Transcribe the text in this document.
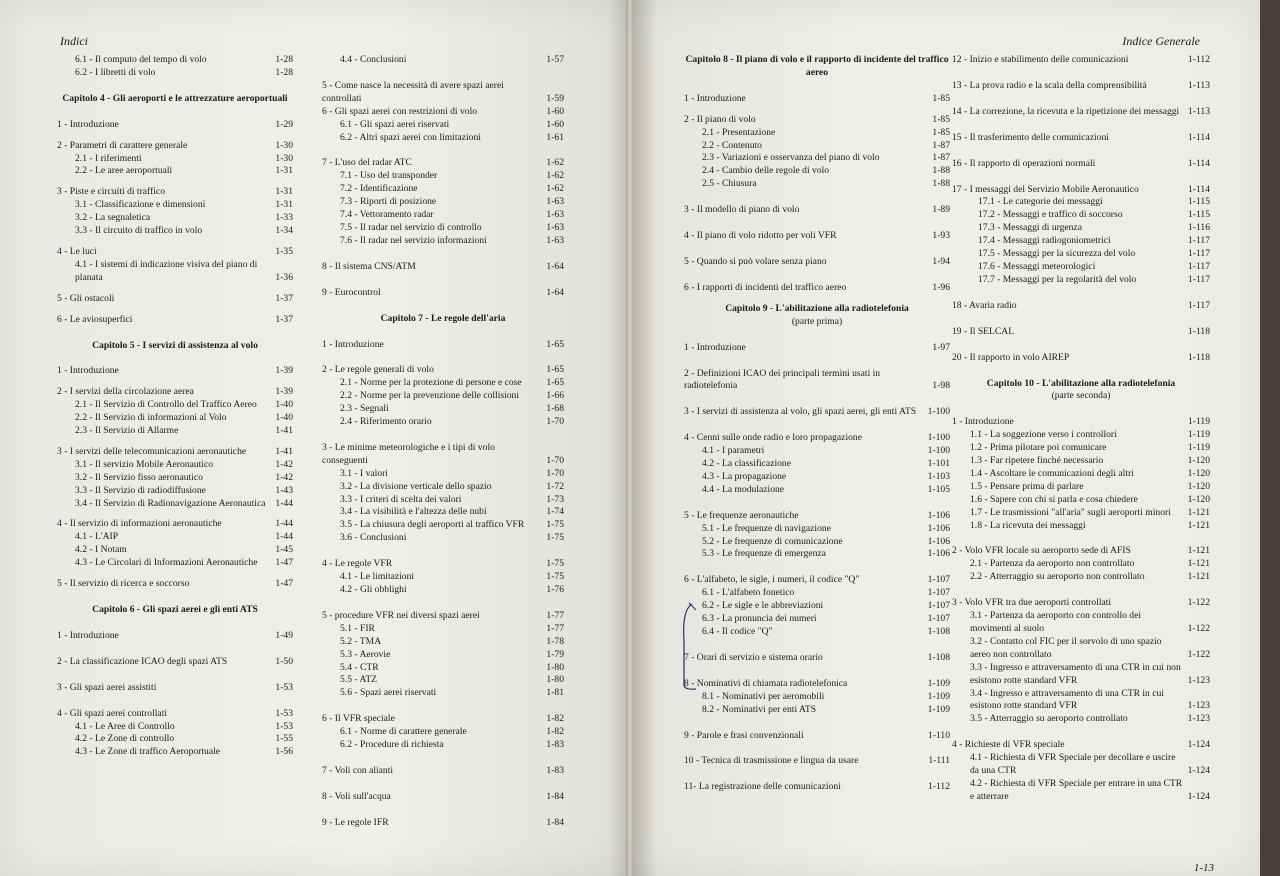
Indici
6.1 - Il computo del tempo di volo	1-28
6.2 - I libretti di volo	1-28
Capitolo 4 - Gli aeroporti e le attrezzature aeroportuali
1 - Introduzione	1-29
2 - Parametri di carattere generale	1-30
2.1 - I riferimenti	1-30
2.2 - Le aree aeroportuali	1-31
3 - Piste e circuiti di traffico	1-31
3.1 - Classificazione e dimensioni	1-31
3.2 - La segnaletica	1-33
3.3 - Il circuito di traffico in volo	1-34
4 - Le luci	1-35
4.1 - I sistemi di indicazione visiva del piano di planata	1-36
5 - Gli ostacoli	1-37
6 - Le aviosuperfici	1-37
Capitolo 5 - I servizi di assistenza al volo
1 - Introduzione	1-39
2 - I servizi della circolazione aerea	1-39
2.1 - Il Servizio di Controllo del Traffico Aereo	1-40
2.2 - Il Servizio di informazioni al Volo	1-40
2.3 - Il Servizio di Allarme	1-41
3 - I servizi delle telecomunicazioni aeronautiche	1-41
3.1 - Il servizio Mobile Aeronautico	1-42
3.2 - Il Servizio fisso aeronautico	1-42
3.3 - Il Servizio di radiodiffusione	1-43
3.4 - Il Servizio di Radionavigazione Aeronautica	1-44
4 - Il servizio di informazioni aeronautiche	1-44
4.1 - L'AIP	1-44
4.2 - I Notam	1-45
4.3 - Le Circolari di Informazioni Aeronautiche	1-47
5 - Il servizio di ricerca e soccorso	1-47
Capitolo 6 - Gli spazi aerei e gli enti ATS
1 - Introduzione	1-49
2 - La classificazione ICAO degli spazi ATS	1-50
3 - Gli spazi aerei assistiti	1-53
4 - Gli spazi aerei controllati	1-53
4.1 - Le Aree di Controllo	1-53
4.2 - Le Zone di controllo	1-55
4.3 - Le Zone di traffico Aeroportuale	1-56
4.4 - Conclusioni	1-57
5 - Come nasce la necessità di avere spazi aerei controllati	1-59
6 - Gli spazi aerei con restrizioni di volo	1-60
6.1 - Gli spazi aerei riservati	1-60
6.2 - Altri spazi aerei con limitazioni	1-61
7 - L'uso del radar ATC	1-62
7.1 - Uso del transponder	1-62
7.2 - Identificazione	1-62
7.3 - Riporti di posizione	1-63
7.4 - Vettoramento radar	1-63
7.5 - Il radar nel servizio di controllo	1-63
7.6 - Il radar nel servizio informazioni	1-63
8 - Il sistema CNS/ATM	1-64
9 - Eurocontrol	1-64
Capitolo 7 - Le regole dell'aria
1 - Introduzione	1-65
2 - Le regole generali di volo	1-65
2.1 - Norme per la protezione di persone e cose	1-65
2.2 - Norme per la prevenzione delle collisioni	1-66
2.3 - Segnali	1-68
2.4 - Riferimento orario	1-70
3 - Le minime meteorologiche e i tipi di volo conseguenti	1-70
3.1 - I valori	1-70
3.2 - La divisione verticale dello spazio	1-72
3.3 - I criteri di scelta dei valori	1-73
3.4 - La visibilità e l'altezza delle nubi	1-74
3.5 - La chiusura degli aeroporti al traffico VFR	1-75
3.6 - Conclusioni	1-75
4 - Le regole VFR	1-75
4.1 - Le limitazioni	1-75
4.2 - Gli obblighi	1-76
5 - procedure VFR nei diversi spazi aerei	1-77
5.1 - FIR	1-77
5.2 - TMA	1-78
5.3 - Aerovie	1-79
5.4 - CTR	1-80
5.5 - ATZ	1-80
5.6 - Spazi aerei riservati	1-81
6 - Il VFR speciale	1-82
6.1 - Norme di carattere generale	1-82
6.2 - Procedure di richiesta	1-83
7 - Voli con alianti	1-83
8 - Voli sull'acqua	1-84
9 - Le regole IFR	1-84
Indice Generale
Capitolo 8 - Il piano di volo e il rapporto di incidente del traffico aereo
1 - Introduzione	1-85
2 - Il piano di volo	1-85
2.1 - Presentazione	1-85
2.2 - Contenuto	1-87
2.3 - Variazioni e osservanza del piano di volo	1-87
2.4 - Cambio delle regole di volo	1-88
2.5 - Chiusura	1-88
3 - Il modello di piano di volo	1-89
4 - Il piano di volo ridotto per voli VFR	1-93
5 - Quando si può volare senza piano	1-94
6 - I rapporti di incidenti del traffico aereo	1-96
Capitolo 9 - L'abilitazione alla radiotelefonia
(parte prima)
1 - Introduzione	1-97
2 - Definizioni ICAO dei principali termini usati in radiotelefonia	1-98
3 - I servizi di assistenza al volo, gli spazi aerei, gli enti ATS	1-100
4 - Cenni sulle onde radio e loro propagazione	1-100
4.1 - I parametri	1-100
4.2 - La classificazione	1-101
4.3 - La propagazione	1-103
4.4 - La modulazione	1-105
5 - Le frequenze aeronautiche	1-106
5.1 - Le frequenze di navigazione	1-106
5.2 - Le frequenze di comunicazione	1-106
5.3 - Le frequenze di emergenza	1-106
6 - L'alfabeto, le sigle, i numeri, il codice "Q"	1-107
6.1 - L'alfabeto fonetico	1-107
6.2 - Le sigle e le abbreviazioni	1-107
6.3 - La pronuncia dei numeri	1-107
6.4 - Il codice "Q"	1-108
7 - Orari di servizio e sistema orario	1-108
8 - Nominativi di chiamata radiotelefonica	1-109
8.1 - Nominativi per aeromobili	1-109
8.2 - Nominativi per enti ATS	1-109
9 - Parole e frasi convenzionali	1-110
10 - Tecnica di trasmissione e lingua da usare	1-111
11- La registrazione delle comunicazioni	1-112
12 - Inizio e stabilimento delle comunicazioni	1-112
13 - La prova radio e la scala della comprensibilità	1-113
14 - La correzione, la ricevuta e la ripetizione dei messaggi 1-113
15 - Il trasferimento delle comunicazioni	1-114
16 - Il rapporto di operazioni normali	1-114
17 - I messaggi del Servizio Mobile Aeronautico	1-114
17.1 - Le categorie dei messaggi	1-115
17.2 - Messaggi e traffico di soccorso	1-115
17.3 - Messaggi di urgenza	1-116
17.4 - Messaggi radiogoniometrici	1-117
17.5 - Messaggi per la sicurezza del volo	1-117
17.6 - Messaggi meteorologici	1-117
17.7 - Messaggi per la regolarità del volo	1-117
18 - Avaria radio	1-117
19 - Il SELCAL	1-118
20 - Il rapporto in volo AIREP	1-118
Capitolo 10 - L'abilitazione alla radiotelefonia
(parte seconda)
1 - Introduzione	1-119
1.1 - La soggezione verso i controllori	1-119
1.2 - Prima pilotare poi comunicare	1-119
1.3 - Far ripetere finché necessario	1-120
1.4 - Ascoltare le comunicazioni degli altri	1-120
1.5 - Pensare prima di parlare	1-120
1.6 - Sapere con chi si parla e cosa chiedere	1-120
1.7 - Le trasmissioni "all'aria" sugli aeroporti minori	1-121
1.8 - La ricevuta dei messaggi	1-121
2 - Volo VFR locale su aeroporto sede di AFIS	1-121
2.1 - Partenza da aeroporto non controllato	1-121
2.2 - Atterraggio su aeroporto non controllato	1-121
3 - Volo VFR tra due aeroporti controllati	1-122
3.1 - Partenza da aeroporto con controllo dei movimenti al suolo	1-122
3.2 - Contatto col FIC per il sorvolo di uno spazio aereo non controllato	1-122
3.3 - Ingresso e attraversamento di una CTR in cui non esistono rotte standard VFR	1-123
3.4 - Ingresso e attraversamento di una CTR in cui esistono rotte standard VFR	1-123
3.5 - Atterraggio su aeroporto controllato	1-123
4 - Richieste di VFR speciale	1-124
4.1 - Richiesta di VFR Speciale per decollare e uscire da una CTR	1-124
4.2 - Richiesta di VFR Speciale per entrare in una CTR e atterrare	1-124
1-13
